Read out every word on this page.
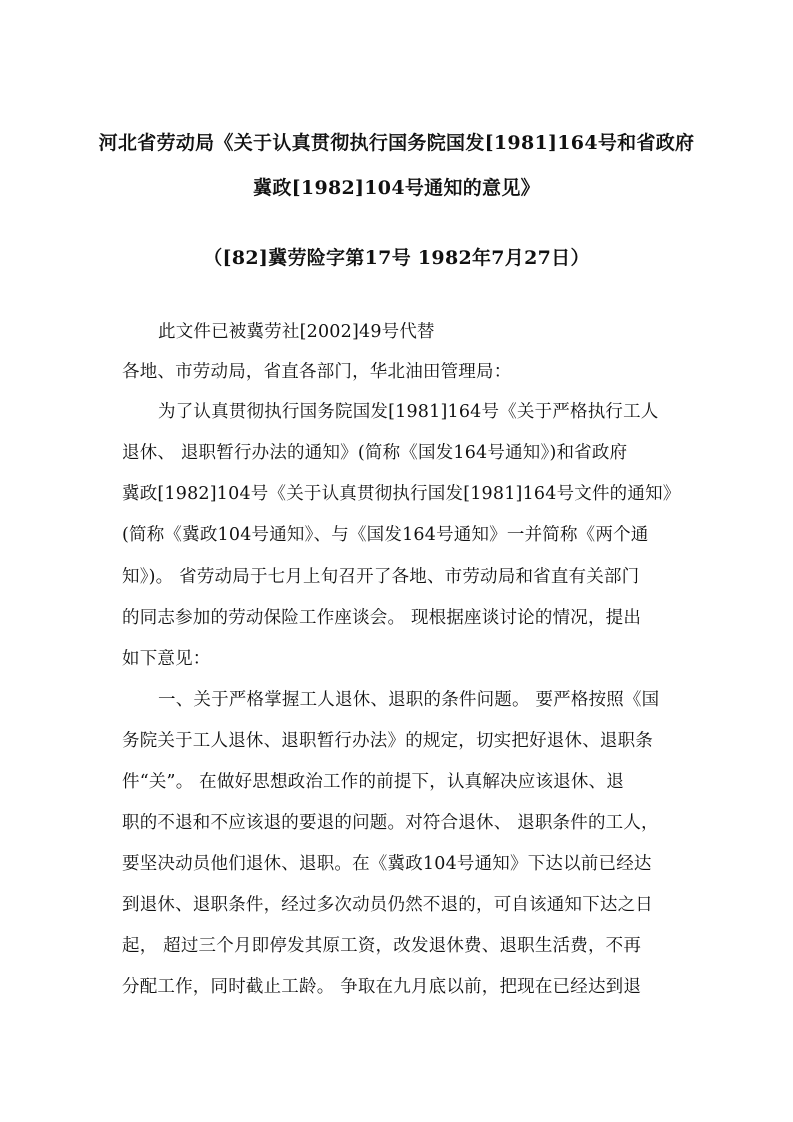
河北省劳动局《关于认真贯彻执行国务院国发[1981]164号和省政府
冀政[1982]104号通知的意见》
（[82]冀劳险字第17号 1982年7月27日）
此文件已被冀劳社[2002]49号代替
各地、市劳动局，省直各部门，华北油田管理局：
为了认真贯彻执行国务院国发[1981]164号《关于严格执行工人
退休、 退职暂行办法的通知》(简称《国发164号通知》)和省政府
冀政[1982]104号《关于认真贯彻执行国发[1981]164号文件的通知》
(简称《冀政104号通知》、与《国发164号通知》一并简称《两个通
知》)。 省劳动局于七月上旬召开了各地、市劳动局和省直有关部门
的同志参加的劳动保险工作座谈会。 现根据座谈讨论的情况，提出
如下意见：
一、关于严格掌握工人退休、退职的条件问题。 要严格按照《国
务院关于工人退休、退职暂行办法》的规定，切实把好退休、退职条
件“关”。 在做好思想政治工作的前提下，认真解决应该退休、退
职的不退和不应该退的要退的问题。对符合退休、 退职条件的工人，
要坚决动员他们退休、退职。在《冀政104号通知》下达以前已经达
到退休、退职条件，经过多次动员仍然不退的，可自该通知下达之日
起， 超过三个月即停发其原工资，改发退休费、退职生活费，不再
分配工作，同时截止工龄。 争取在九月底以前，把现在已经达到退
